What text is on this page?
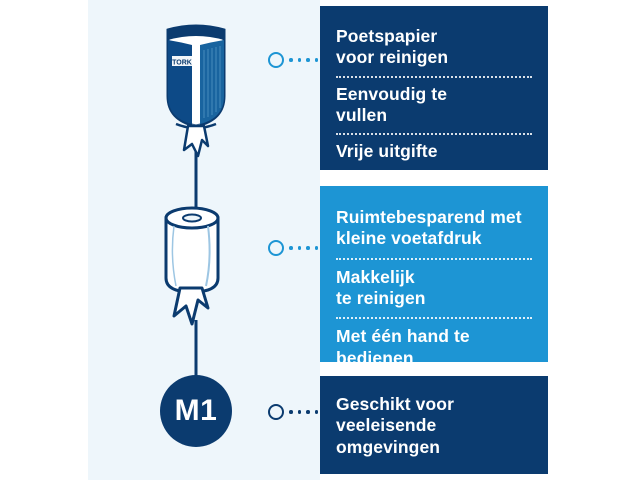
TORK
M1
Poetspapier
voor reinigen
Eenvoudig te
vullen
Vrije uitgifte
Ruimtebesparend met
kleine voetafdruk
Makkelijk
te reinigen
Met één hand te
bedienen
Geschikt voor
veeleisende
omgevingen
